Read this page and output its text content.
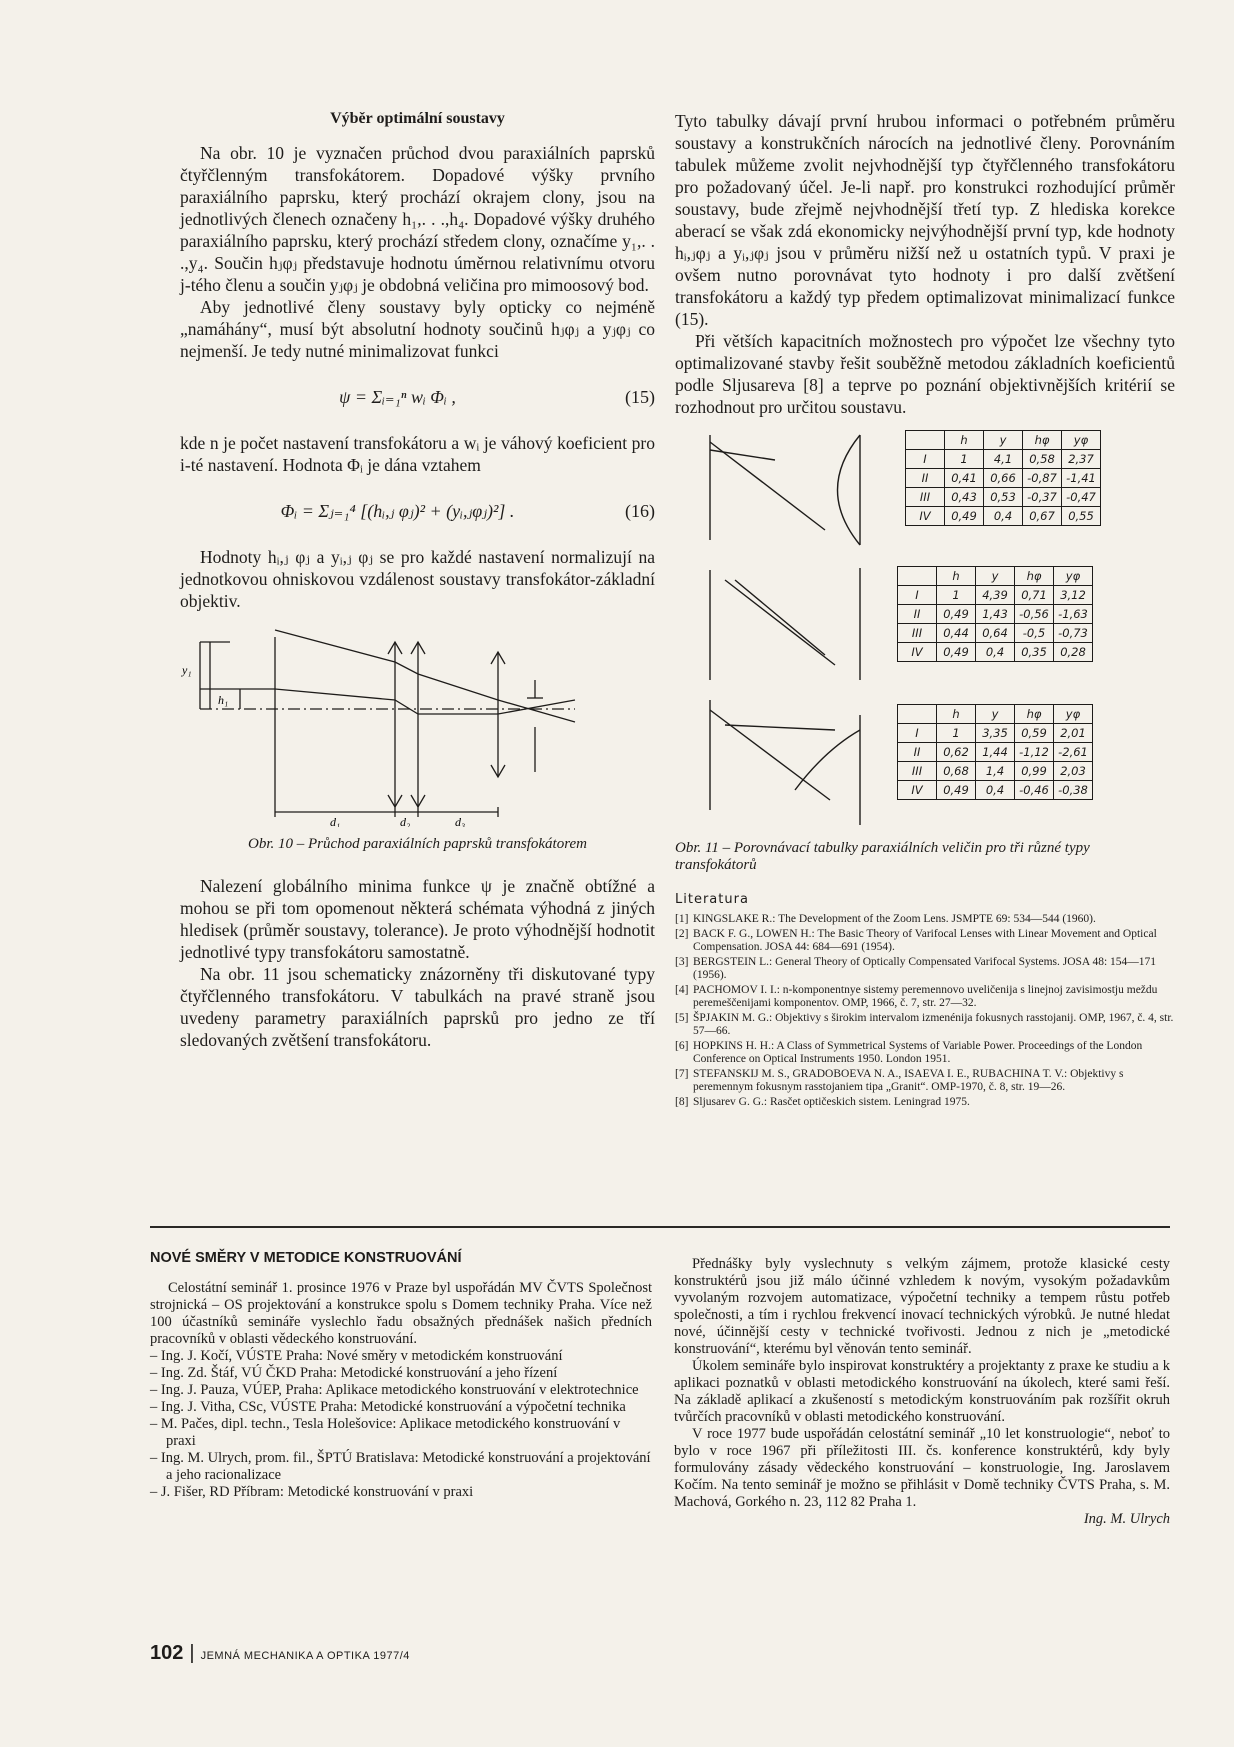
Výběr optimální soustavy

Na obr. 10 je vyznačen průchod dvou paraxiálních paprsků čtyřčlenným transfokátorem. Dopadové výšky prvního paraxiálního paprsku, který prochází okrajem clony, jsou na jednotlivých členech označeny h₁,. . .,h₄. Dopadové výšky druhého paraxiálního paprsku, který prochází středem clony, označíme y₁,. . .,y₄. Součin hⱼφⱼ představuje hodnotu úměrnou relativnímu otvoru j-tého členu a součin yⱼφⱼ je obdobná veličina pro mimoosový bod.

Aby jednotlivé členy soustavy byly opticky co nejméně „namáhány“, musí být absolutní hodnoty součinů hⱼφⱼ a yⱼφⱼ co nejmenší. Je tedy nutné minimalizovat funkci

ψ = Σᵢ₌₁ⁿ wᵢ Φᵢ ,	(15)

kde n je počet nastavení transfokátoru a wᵢ je váhový koeficient pro i-té nastavení. Hodnota Φᵢ je dána vztahem

Φᵢ = Σⱼ₌₁⁴ [(hᵢ,ⱼ φⱼ)² + (yᵢ,ⱼφⱼ)²] .	(16)

Hodnoty hᵢ,ⱼ φⱼ a yᵢ,ⱼ φⱼ se pro každé nastavení normalizují na jednotkovou ohniskovou vzdálenost soustavy transfokátor-základní objektiv.

y₁
h₁
d₁	d₂	d₃

Obr. 10 – Průchod paraxiálních paprsků transfokátorem

Nalezení globálního minima funkce ψ je značně obtížné a mohou se při tom opomenout některá schémata výhodná z jiných hledisek (průměr soustavy, tolerance). Je proto výhodnější hodnotit jednotlivé typy transfokátoru samostatně.

Na obr. 11 jsou schematicky znázorněny tři diskutované typy čtyřčlenného transfokátoru. V tabulkách na pravé straně jsou uvedeny parametry paraxiálních paprsků pro jedno ze tří sledovaných zvětšení transfokátoru.

Tyto tabulky dávají první hrubou informaci o potřebném průměru soustavy a konstrukčních nárocích na jednotlivé členy. Porovnáním tabulek můžeme zvolit nejvhodnější typ čtyřčlenného transfokátoru pro požadovaný účel. Je-li např. pro konstrukci rozhodující průměr soustavy, bude zřejmě nejvhodnější třetí typ. Z hlediska korekce aberací se však zdá ekonomicky nejvýhodnější první typ, kde hodnoty hᵢ,ⱼφⱼ a yᵢ,ⱼφⱼ jsou v průměru nižší než u ostatních typů. V praxi je ovšem nutno porovnávat tyto hodnoty i pro další zvětšení transfokátoru a každý typ předem optimalizovat minimalizací funkce (15).

Při větších kapacitních možnostech pro výpočet lze všechny tyto optimalizované stavby řešit souběžně metodou základních koeficientů podle Sljusareva [8] a teprve po poznání objektivnějších kritérií se rozhodnout pro určitou soustavu.

	h	y	hφ	yφ
I	1	4,1	0,58	2,37
II	0,41	0,66	-0,87	-1,41
III	0,43	0,53	-0,37	-0,47
IV	0,49	0,4	0,67	0,55
	h	y	hφ	yφ
I	1	4,39	0,71	3,12
II	0,49	1,43	-0,56	-1,63
III	0,44	0,64	-0,5	-0,73
IV	0,49	0,4	0,35	0,28
	h	y	hφ	yφ
I	1	3,35	0,59	2,01
II	0,62	1,44	-1,12	-2,61
III	0,68	1,4	0,99	2,03
IV	0,49	0,4	-0,46	-0,38

Obr. 11 – Porovnávací tabulky paraxiálních veličin pro tři různé typy transfokátorů

Literatura
[1] KINGSLAKE R.: The Development of the Zoom Lens. JSMPTE 69: 534—544 (1960).
[2] BACK F. G., LOWEN H.: The Basic Theory of Varifocal Lenses with Linear Movement and Optical Compensation. JOSA 44: 684—691 (1954).
[3] BERGSTEIN L.: General Theory of Optically Compensated Varifocal Systems. JOSA 48: 154—171 (1956).
[4] PACHOMOV I. I.: n-komponentnye sistemy peremennovo uveličenija s linejnoj zavisimostju meždu peremeščenijami komponentov. OMP, 1966, č. 7, str. 27—32.
[5] ŠPJAKIN M. G.: Objektivy s širokim intervalom izmenénija fokusnych rasstojanij. OMP, 1967, č. 4, str. 57—66.
[6] HOPKINS H. H.: A Class of Symmetrical Systems of Variable Power. Proceedings of the London Conference on Optical Instruments 1950. London 1951.
[7] STEFANSKIJ M. S., GRADOBOEVA N. A., ISAEVA I. E., RUBACHINA T. V.: Objektivy s peremennym fokusnym rasstojaniem tipa „Granit“. OMP-1970, č. 8, str. 19—26.
[8] Sljusarev G. G.: Rasčet optičeskich sistem. Leningrad 1975.
NOVÉ SMĚRY V METODICE KONSTRUOVÁNÍ

Celostátní seminář 1. prosince 1976 v Praze byl uspořádán MV ČVTS Společnost strojnická – OS projektování a konstrukce spolu s Domem techniky Praha. Více než 100 účastníků semináře vyslechlo řadu obsažných přednášek našich předních pracovníků v oblasti vědeckého konstruování.

– Ing. J. Kočí, VÚSTE Praha: Nové směry v metodickém konstruování
– Ing. Zd. Štáf, VÚ ČKD Praha: Metodické konstruování a jeho řízení
– Ing. J. Pauza, VÚEP, Praha: Aplikace metodického konstruování v elektrotechnice
– Ing. J. Vitha, CSc, VÚSTE Praha: Metodické konstruování a výpočetní technika
– M. Pačes, dipl. techn., Tesla Holešovice: Aplikace metodického konstruování v praxi
– Ing. M. Ulrych, prom. fil., ŠPTÚ Bratislava: Metodické konstruování a projektování a jeho racionalizace
– J. Fišer, RD Příbram: Metodické konstruování v praxi

Přednášky byly vyslechnuty s velkým zájmem, protože klasické cesty konstruktérů jsou již málo účinné vzhledem k novým, vysokým požadavkům vyvolaným rozvojem automatizace, výpočetní techniky a tempem růstu potřeb společnosti, a tím i rychlou frekvencí inovací technických výrobků. Je nutné hledat nové, účinnější cesty v technické tvořivosti. Jednou z nich je „metodické konstruování“, kterému byl věnován tento seminář.

Úkolem semináře bylo inspirovat konstruktéry a projektanty z praxe ke studiu a k aplikaci poznatků v oblasti metodického konstruování na úkolech, které sami řeší. Na základě aplikací a zkušeností s metodickým konstruováním pak rozšířit okruh tvůrčích pracovníků v oblasti metodického konstruování.

V roce 1977 bude uspořádán celostátní seminář „10 let konstruologie“, neboť to bylo v roce 1967 při příležitosti III. čs. konference konstruktérů, kdy byly formulovány zásady vědeckého konstruování – konstruologie, Ing. Jaroslavem Kočím. Na tento seminář je možno se přihlásit v Domě techniky ČVTS Praha, s. M. Machová, Gorkého n. 23, 112 82 Praha 1.

Ing. M. Ulrych
102 | JEMNÁ MECHANIKA A OPTIKA 1977/4
